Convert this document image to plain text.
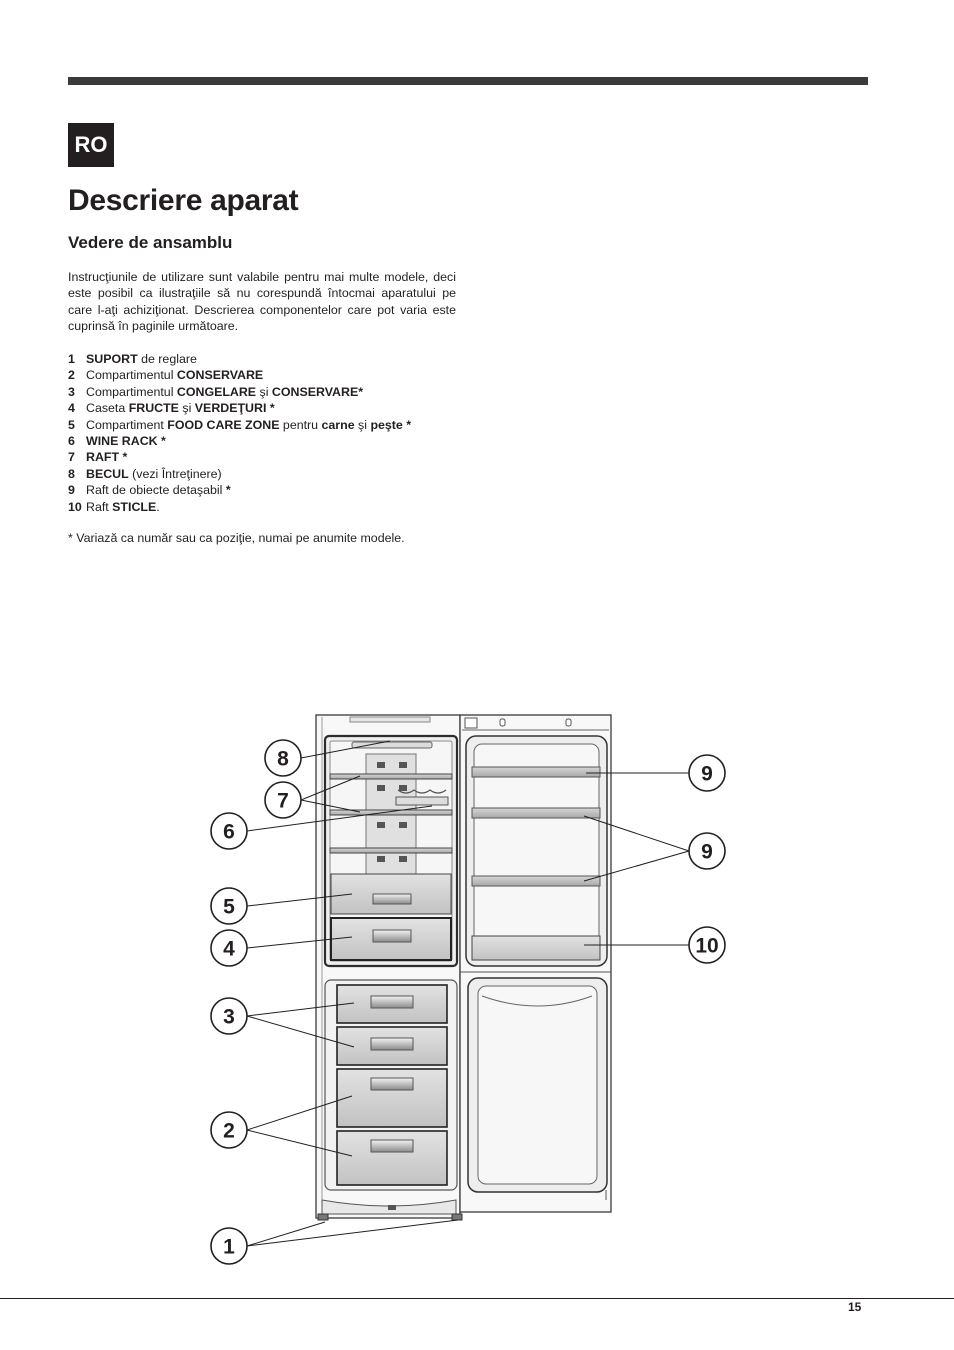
RO
Descriere aparat
Vedere de ansamblu

Instrucţiunile de utilizare sunt valabile pentru mai multe modele, deci este posibil ca ilustraţiile să nu corespundă întocmai aparatului pe care l-aţi achiziţionat. Descrierea componentelor care pot varia este cuprinsă în paginile următoare.

1 SUPORT de reglare
2 Compartimentul CONSERVARE
3 Compartimentul CONGELARE şi CONSERVARE*
4 Caseta FRUCTE şi VERDEŢURI *
5 Compartiment FOOD CARE ZONE pentru carne şi peşte *
6 WINE RACK *
7 RAFT *
8 BECUL (vezi Întreţinere)
9 Raft de obiecte detaşabil *
10 Raft STICLE.

* Variază ca număr sau ca poziţie, numai pe anumite modele.

8
7
6
5
4
3
2
1
9
9
10
15
